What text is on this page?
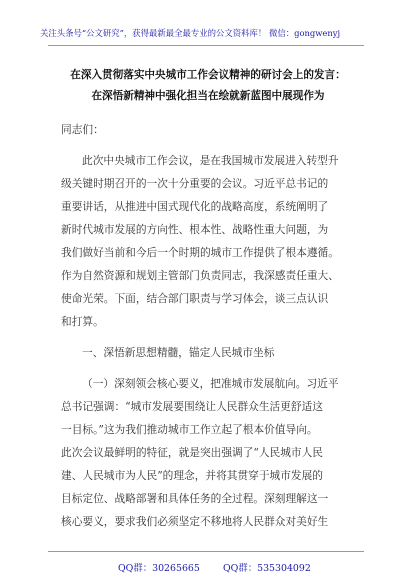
关注头条号“公文研究”，获得最新最全最专业的公文资料库！ 微信：gongwenyj
在深入贯彻落实中央城市工作会议精神的研讨会上的发言：
在深悟新精神中强化担当在绘就新蓝图中展现作为
同志们：
此次中央城市工作会议，是在我国城市发展进入转型升
级关键时期召开的一次十分重要的会议。习近平总书记的
重要讲话，从推进中国式现代化的战略高度，系统阐明了
新时代城市发展的方向性、根本性、战略性重大问题，为
我们做好当前和今后一个时期的城市工作提供了根本遵循。
作为自然资源和规划主管部门负责同志，我深感责任重大、
使命光荣。下面，结合部门职责与学习体会，谈三点认识
和打算。
一、深悟新思想精髓，锚定人民城市坐标
（一）深刻领会核心要义，把准城市发展航向。习近平
总书记强调：“城市发展要围绕让人民群众生活更舒适这
一目标。”这为我们推动城市工作立起了根本价值导向。
此次会议最鲜明的特征，就是突出强调了“人民城市人民
建、人民城市为人民”的理念，并将其贯穿于城市发展的
目标定位、战略部署和具体任务的全过程。深刻理解这一
核心要义，要求我们必须坚定不移地将人民群众对美好生
QQ群：30265665 QQ群：535304092
